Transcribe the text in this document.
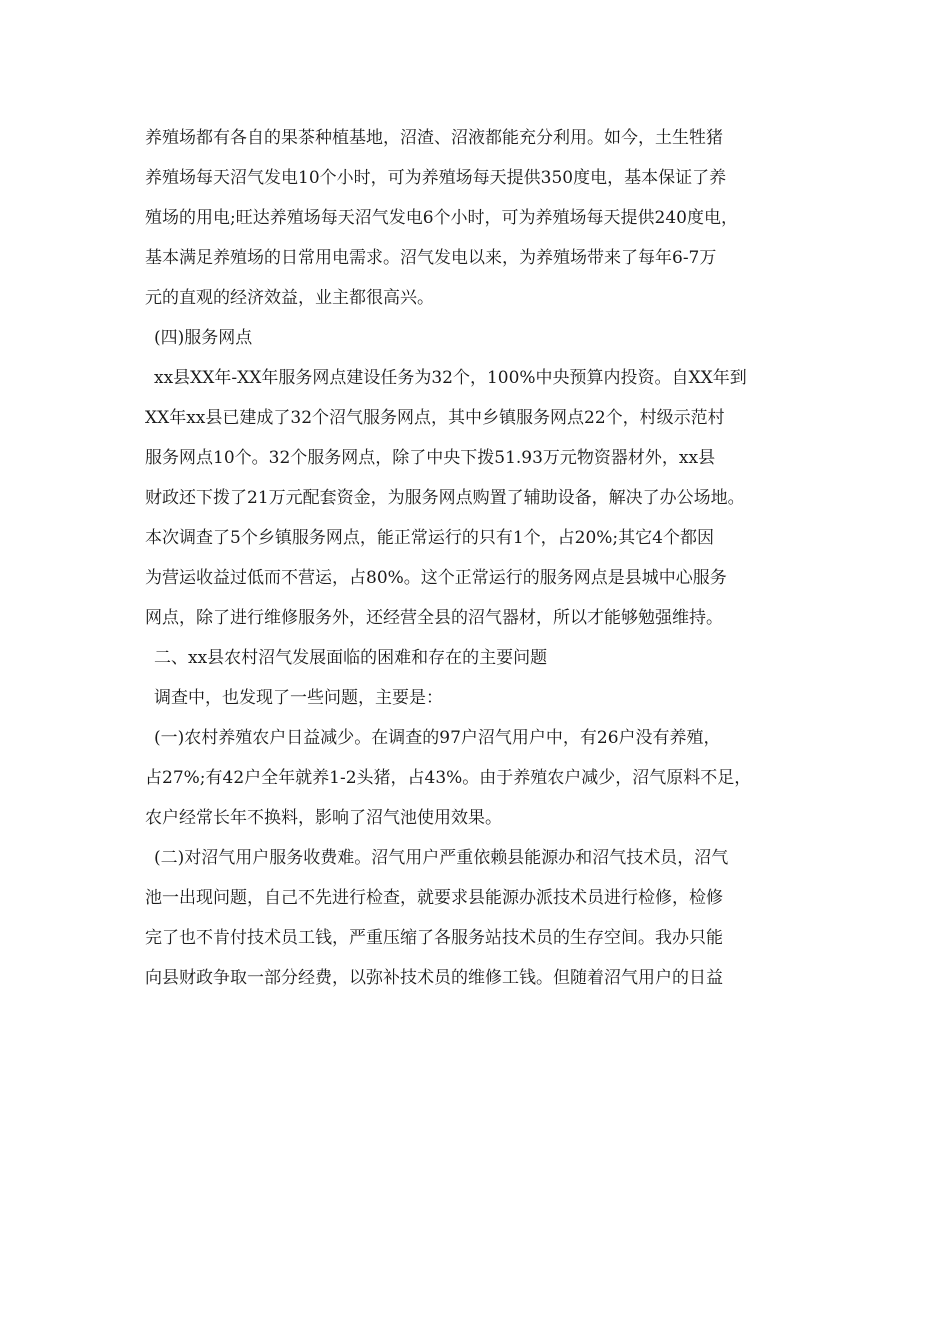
养殖场都有各自的果茶种植基地，沼渣、沼液都能充分利用。如今，土生牲猪
养殖场每天沼气发电10个小时，可为养殖场每天提供350度电，基本保证了养
殖场的用电;旺达养殖场每天沼气发电6个小时，可为养殖场每天提供240度电，
基本满足养殖场的日常用电需求。沼气发电以来，为养殖场带来了每年6-7万
元的直观的经济效益，业主都很高兴。
(四)服务网点
xx县XX年-XX年服务网点建设任务为32个，100%中央预算内投资。自XX年到
XX年xx县已建成了32个沼气服务网点，其中乡镇服务网点22个，村级示范村
服务网点10个。32个服务网点，除了中央下拨51.93万元物资器材外，xx县
财政还下拨了21万元配套资金，为服务网点购置了辅助设备，解决了办公场地。
本次调查了5个乡镇服务网点，能正常运行的只有1个，占20%;其它4个都因
为营运收益过低而不营运，占80%。这个正常运行的服务网点是县城中心服务
网点，除了进行维修服务外，还经营全县的沼气器材，所以才能够勉强维持。
二、xx县农村沼气发展面临的困难和存在的主要问题
调查中，也发现了一些问题，主要是：
(一)农村养殖农户日益减少。在调查的97户沼气用户中，有26户没有养殖，
占27%;有42户全年就养1-2头猪，占43%。由于养殖农户减少，沼气原料不足，
农户经常长年不换料，影响了沼气池使用效果。
(二)对沼气用户服务收费难。沼气用户严重依赖县能源办和沼气技术员，沼气
池一出现问题，自己不先进行检查，就要求县能源办派技术员进行检修，检修
完了也不肯付技术员工钱，严重压缩了各服务站技术员的生存空间。我办只能
向县财政争取一部分经费，以弥补技术员的维修工钱。但随着沼气用户的日益
